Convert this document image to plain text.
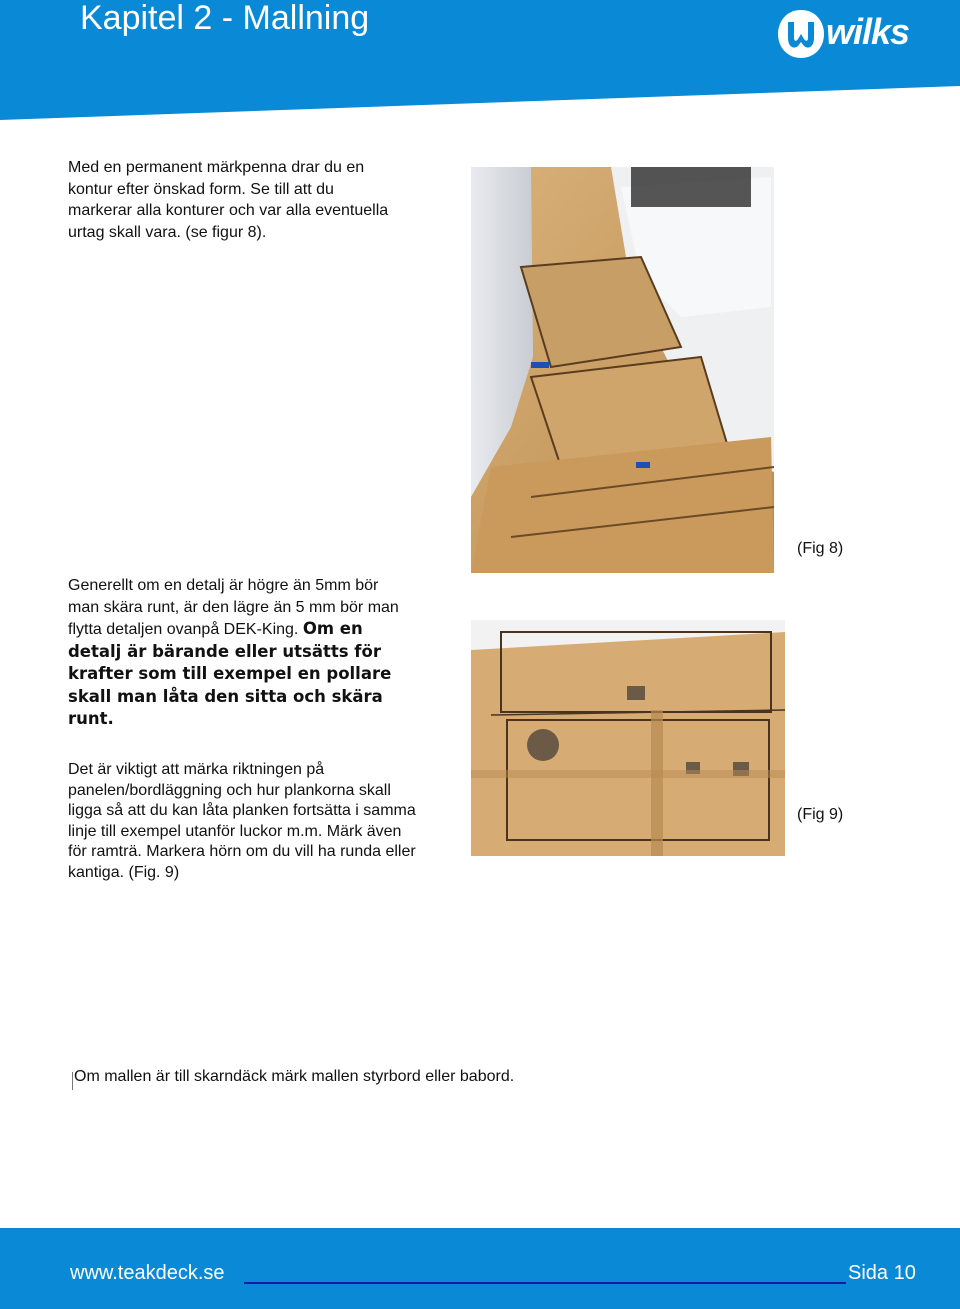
Kapitel 2 - Mallning	wilks
Med en permanent märkpenna drar du en kontur efter önskad form. Se till att du markerar alla konturer och var alla eventuella urtag skall vara. (se figur 8).
(Fig 8)
Generellt om en detalj är högre än 5mm bör man skära runt, är den lägre än 5 mm bör man flytta detaljen ovanpå DEK-King. Om en detalj är bärande eller utsätts för krafter som till exempel en pollare skall man låta den sitta och skära runt.
(Fig 9)
Det är viktigt att märka riktningen på panelen/bordläggning och hur plankorna skall ligga så att du kan låta planken fortsätta i samma linje till exempel utanför luckor m.m. Märk även för ramträ. Markera hörn om du vill ha runda eller kantiga. (Fig. 9)
Om mallen är till skarndäck märk mallen styrbord eller babord.
www.teakdeck.se	Sida 10
